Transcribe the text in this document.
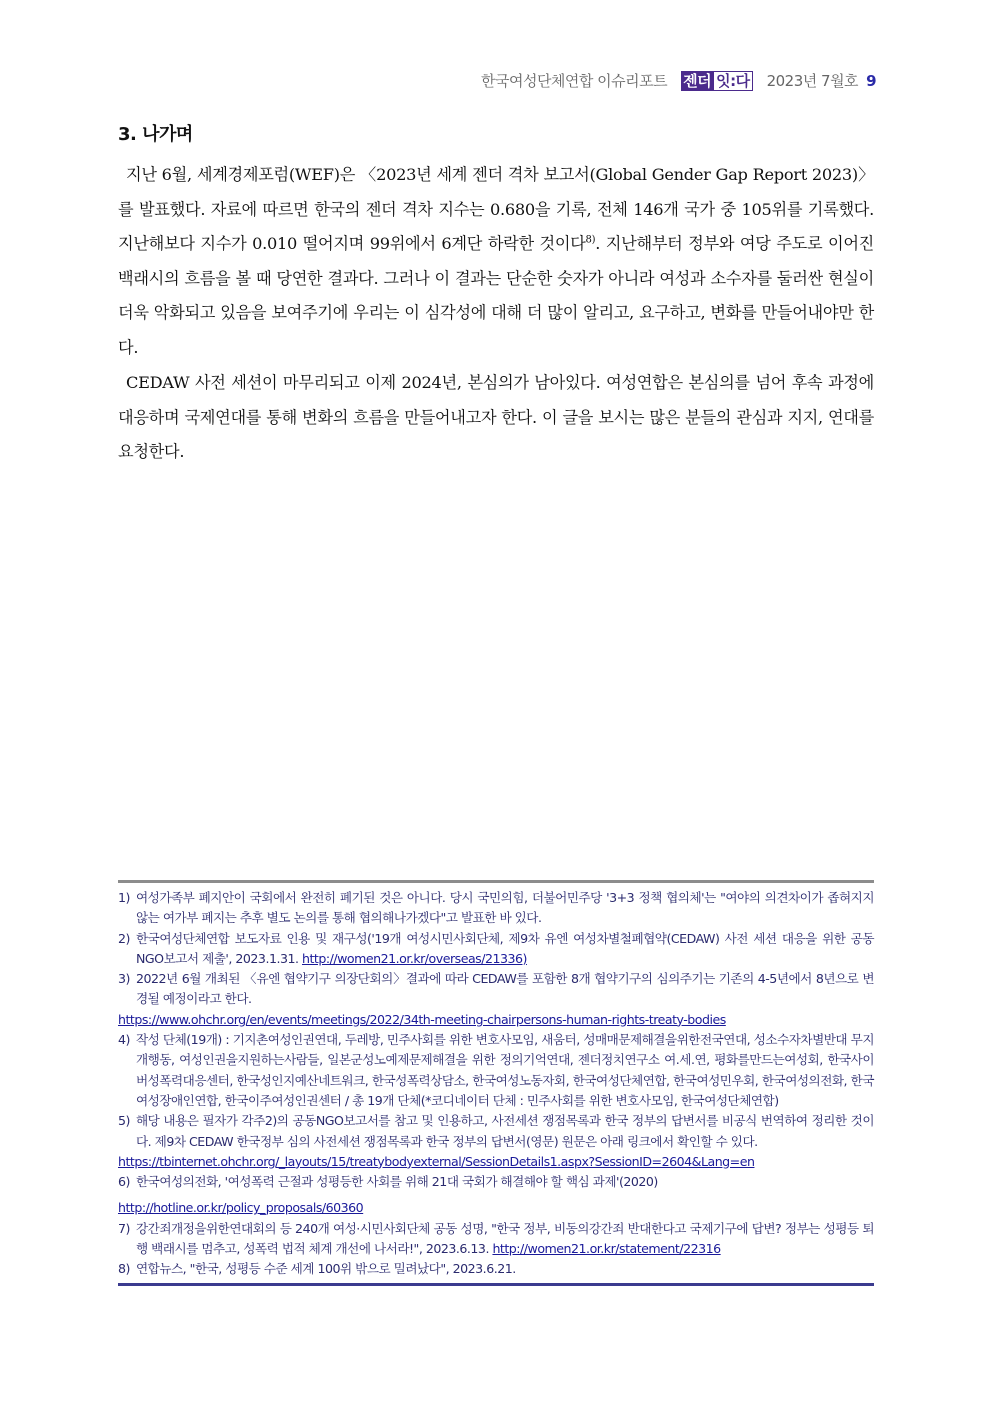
한국여성단체연합 이슈리포트 젠더 잇:다 2023년 7월호 9
3. 나가며

지난 6월, 세계경제포럼(WEF)은 〈2023년 세계 젠더 격차 보고서(Global Gender Gap Report 2023)〉를 발표했다. 자료에 따르면 한국의 젠더 격차 지수는 0.680을 기록, 전체 146개 국가 중 105위를 기록했다. 지난해보다 지수가 0.010 떨어지며 99위에서 6계단 하락한 것이다$^{8)}$. 지난해부터 정부와 여당 주도로 이어진 백래시의 흐름을 볼 때 당연한 결과다. 그러나 이 결과는 단순한 숫자가 아니라 여성과 소수자를 둘러싼 현실이 더욱 악화되고 있음을 보여주기에 우리는 이 심각성에 대해 더 많이 알리고, 요구하고, 변화를 만들어내야만 한다.

CEDAW 사전 세션이 마무리되고 이제 2024년, 본심의가 남아있다. 여성연합은 본심의를 넘어 후속 과정에 대응하며 국제연대를 통해 변화의 흐름을 만들어내고자 한다. 이 글을 보시는 많은 분들의 관심과 지지, 연대를 요청한다.

1) 여성가족부 폐지안이 국회에서 완전히 폐기된 것은 아니다. 당시 국민의힘, 더불어민주당 '3+3 정책 협의체'는 "여야의 의견차이가 좁혀지지 않는 여가부 폐지는 추후 별도 논의를 통해 협의해나가겠다"고 발표한 바 있다.
2) 한국여성단체연합 보도자료 인용 및 재구성('19개 여성시민사회단체, 제9차 유엔 여성차별철폐협약(CEDAW) 사전 세션 대응을 위한 공동 NGO보고서 제출', 2023.1.31. http://women21.or.kr/overseas/21336)
3) 2022년 6월 개최된 〈유엔 협약기구 의장단회의〉결과에 따라 CEDAW를 포함한 8개 협약기구의 심의주기는 기존의 4-5년에서 8년으로 변경될 예정이라고 한다.
https://www.ohchr.org/en/events/meetings/2022/34th-meeting-chairpersons-human-rights-treaty-bodies
4) 작성 단체(19개) : 기지촌여성인권연대, 두레방, 민주사회를 위한 변호사모임, 새움터, 성매매문제해결을위한전국연대, 성소수자차별반대 무지개행동, 여성인권을지원하는사람들, 일본군성노예제문제해결을 위한 정의기억연대, 젠더정치연구소 여.세.연, 평화를만드는여성회, 한국사이버성폭력대응센터, 한국성인지예산네트워크, 한국성폭력상담소, 한국여성노동자회, 한국여성단체연합, 한국여성민우회, 한국여성의전화, 한국여성장애인연합, 한국이주여성인권센터 / 총 19개 단체(*코디네이터 단체 : 민주사회를 위한 변호사모임, 한국여성단체연합)
5) 해당 내용은 필자가 각주2)의 공동NGO보고서를 참고 및 인용하고, 사전세션 쟁점목록과 한국 정부의 답변서를 비공식 번역하여 정리한 것이다. 제9차 CEDAW 한국정부 심의 사전세션 쟁점목록과 한국 정부의 답변서(영문) 원문은 아래 링크에서 확인할 수 있다.
https://tbinternet.ohchr.org/_layouts/15/treatybodyexternal/SessionDetails1.aspx?SessionID=2604&Lang=en
6) 한국여성의전화, '여성폭력 근절과 성평등한 사회를 위해 21대 국회가 해결해야 할 핵심 과제'(2020)
http://hotline.or.kr/policy_proposals/60360
7) 강간죄개정을위한연대회의 등 240개 여성·시민사회단체 공동 성명, "한국 정부, 비동의강간죄 반대한다고 국제기구에 답변? 정부는 성평등 퇴행 백래시를 멈추고, 성폭력 법적 체계 개선에 나서라!", 2023.6.13. http://women21.or.kr/statement/22316
8) 연합뉴스, "한국, 성평등 수준 세계 100위 밖으로 밀려났다", 2023.6.21.
